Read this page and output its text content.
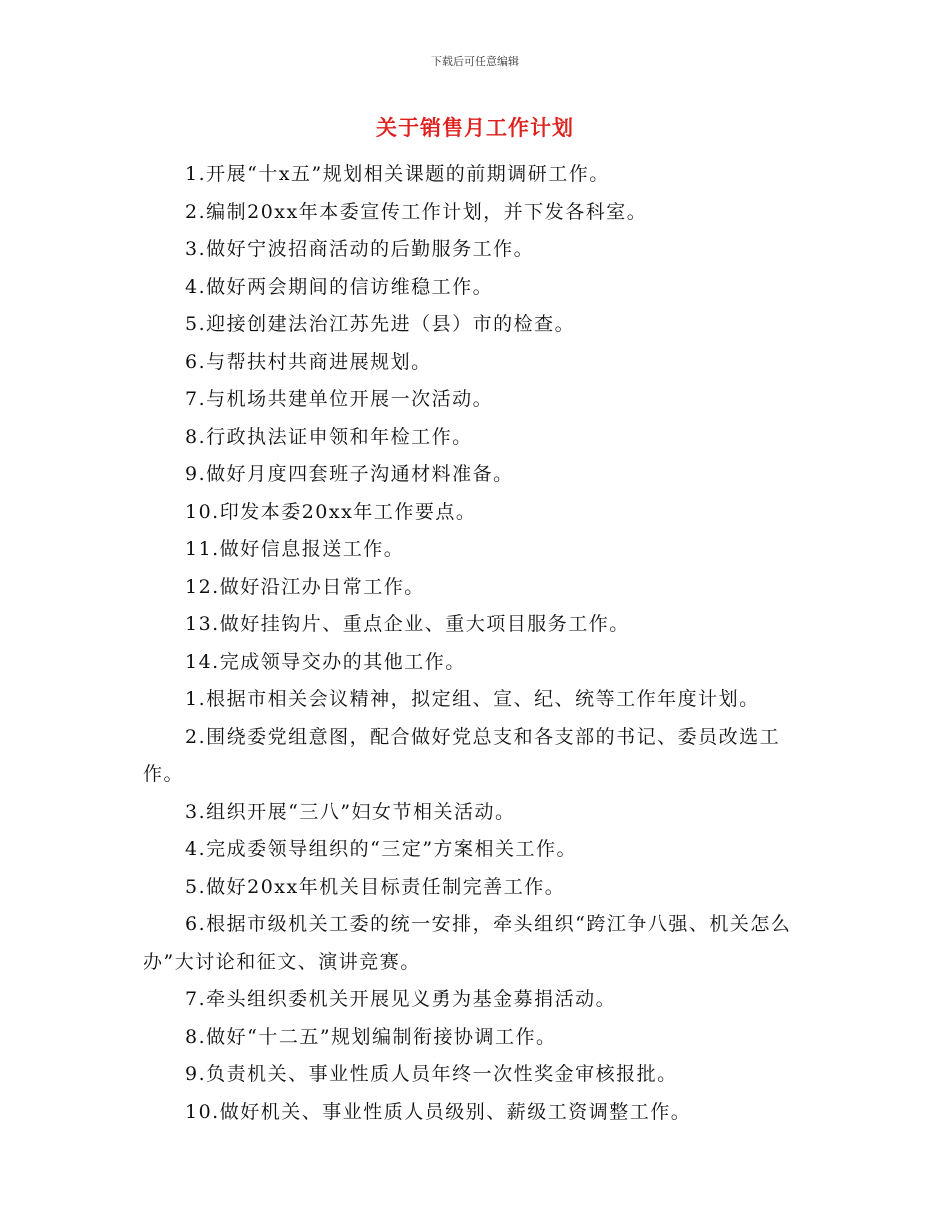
下载后可任意编辑
关于销售月工作计划

1.开展“十x五”规划相关课题的前期调研工作。

2.编制20xx年本委宣传工作计划，并下发各科室。

3.做好宁波招商活动的后勤服务工作。

4.做好两会期间的信访维稳工作。

5.迎接创建法治江苏先进（县）市的检查。

6.与帮扶村共商进展规划。

7.与机场共建单位开展一次活动。

8.行政执法证申领和年检工作。

9.做好月度四套班子沟通材料准备。

10.印发本委20xx年工作要点。

11.做好信息报送工作。

12.做好沿江办日常工作。

13.做好挂钩片、重点企业、重大项目服务工作。

14.完成领导交办的其他工作。

1.根据市相关会议精神，拟定组、宣、纪、统等工作年度计划。

2.围绕委党组意图，配合做好党总支和各支部的书记、委员改选工作。

3.组织开展“三八”妇女节相关活动。

4.完成委领导组织的“三定”方案相关工作。

5.做好20xx年机关目标责任制完善工作。

6.根据市级机关工委的统一安排，牵头组织“跨江争八强、机关怎么办”大讨论和征文、演讲竞赛。

7.牵头组织委机关开展见义勇为基金募捐活动。

8.做好“十二五”规划编制衔接协调工作。

9.负责机关、事业性质人员年终一次性奖金审核报批。

10.做好机关、事业性质人员级别、薪级工资调整工作。
